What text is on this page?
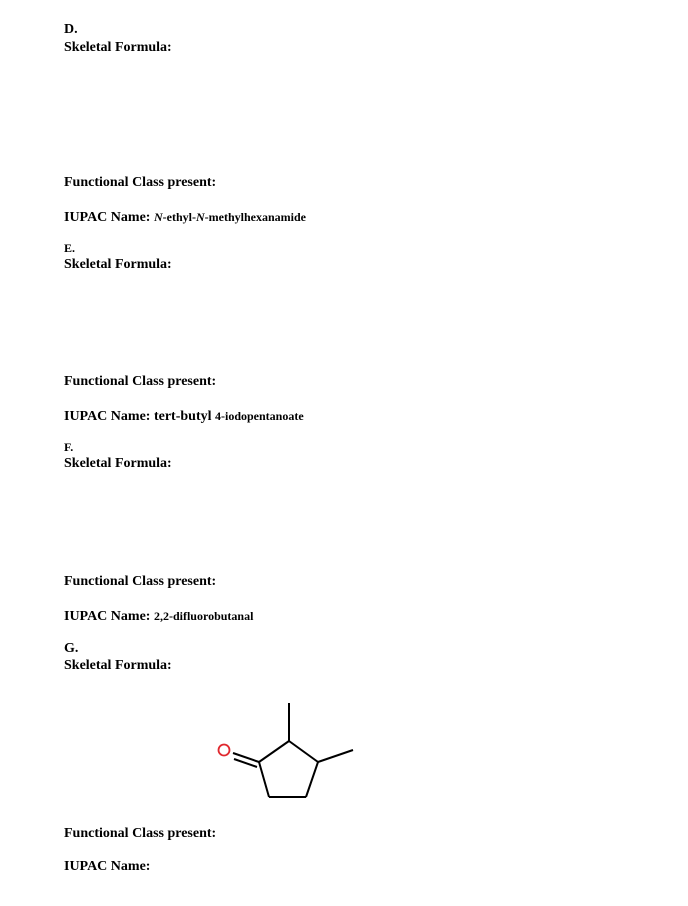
D.
Skeletal Formula:
Functional Class present:
IUPAC Name: N-ethyl-N-methylhexanamide
E.
Skeletal Formula:
Functional Class present:
IUPAC Name: tert-butyl 4-iodopentanoate
F.
Skeletal Formula:
Functional Class present:
IUPAC Name: 2,2-difluorobutanal
G.
Skeletal Formula:
Functional Class present:
IUPAC Name:
